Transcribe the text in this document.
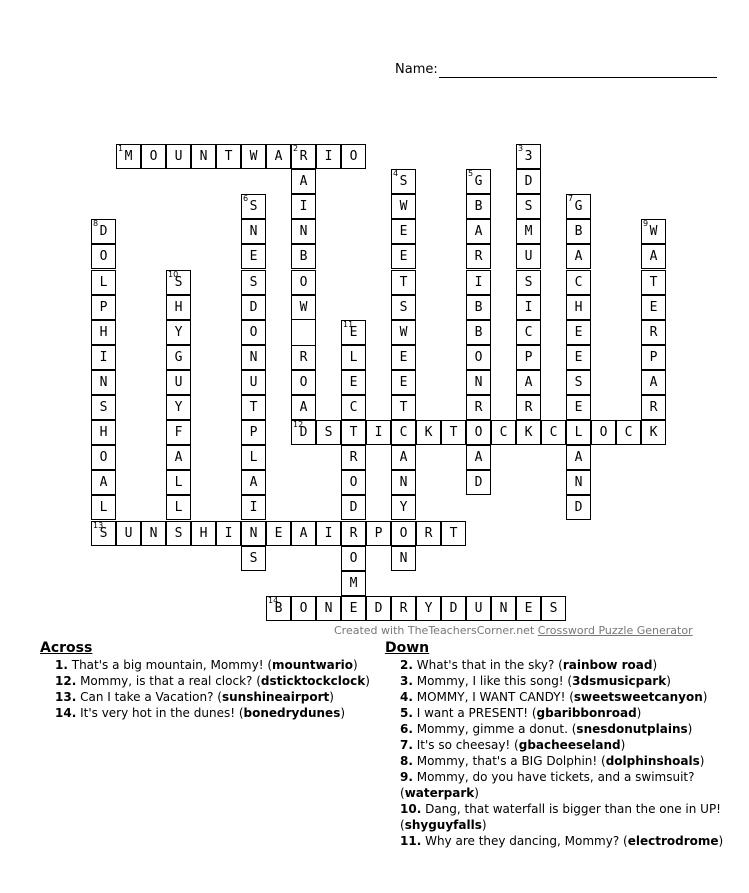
Name:
1
M O U N T W A
2
R I O
12
D S T I C K T O C K C L O C K
13
S U N S H I N E A I R P O R T
14
B O N E D R Y D U N E S
A
I
N
B
O
W
R
O
A
3
3
D
S
M
U
S
I
C
P
A
R
4
S
W
E
E
T
S
W
E
E
T
A
N
Y
N
5
G
B
A
R
I
B
B
O
N
R
A
D
6
S
N
E
S
D
O
N
U
T
P
L
A
I
S
7
G
B
A
C
H
E
E
S
E
A
N
D
8
D
O
L
P
H
I
N
S
H
O
A
L
9
W
A
T
E
R
P
A
R
10
S
H
Y
G
U
Y
F
A
L
L
11
E
L
E
C
R
O
D
O
M
Created with TheTeachersCorner.net Crossword Puzzle Generator
Across
1. That's a big mountain, Mommy! (mountwario)
12. Mommy, is that a real clock? (dsticktockclock)
13. Can I take a Vacation? (sunshineairport)
14. It's very hot in the dunes! (bonedrydunes)
Down
2. What's that in the sky? (rainbow road)
3. Mommy, I like this song! (3dsmusicpark)
4. MOMMY, I WANT CANDY! (sweetsweetcanyon)
5. I want a PRESENT! (gbaribbonroad)
6. Mommy, gimme a donut. (snesdonutplains)
7. It's so cheesay! (gbacheeseland)
8. Mommy, that's a BIG Dolphin! (dolphinshoals)
9. Mommy, do you have tickets, and a swimsuit? (waterpark)
10. Dang, that waterfall is bigger than the one in UP! (shyguyfalls)
11. Why are they dancing, Mommy? (electrodrome)
